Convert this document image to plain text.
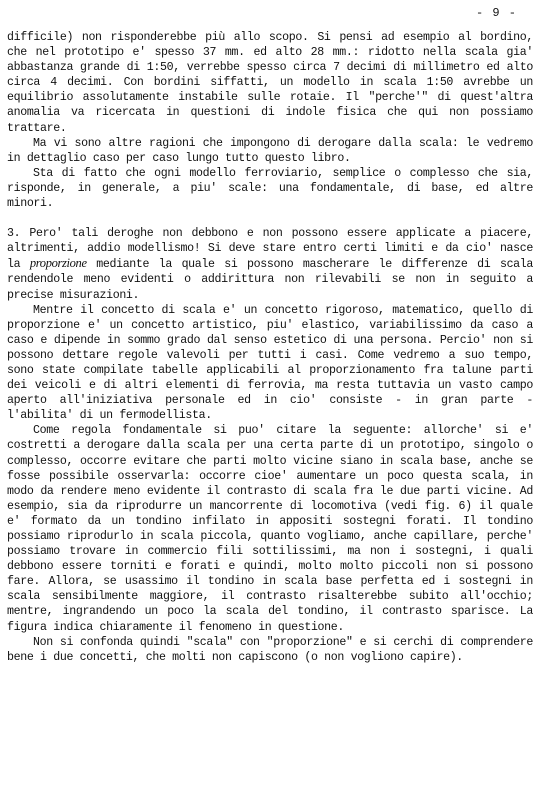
- 9 -

difficile) non risponderebbe più allo scopo. Si pensi ad esempio al bordino, che nel prototipo e' spesso 37 mm. ed alto 28 mm.: ridotto nella scala gia' abbastanza grande di 1:50, verrebbe spesso circa 7 decimi di millimetro ed alto circa 4 decimi. Con bordini siffatti, un modello in scala 1:50 avrebbe un equilibrio assolutamente instabile sulle rotaie. Il "perche'" di quest'altra anomalia va ricercata in questioni di indole fisica che qui non possiamo trattare.

Ma vi sono altre ragioni che impongono di derogare dalla scala: le vedremo in dettaglio caso per caso lungo tutto questo libro.

Sta di fatto che ogni modello ferroviario, semplice o complesso che sia, risponde, in generale, a piu' scale: una fondamentale, di base, ed altre minori.

3. Pero' tali deroghe non debbono e non possono essere applicate a piacere, altrimenti, addio modellismo! Si deve stare entro certi limiti e da cio' nasce la proporzione mediante la quale si possono mascherare le differenze di scala rendendole meno evidenti o addirittura non rilevabili se non in seguito a precise misurazioni.

Mentre il concetto di scala e' un concetto rigoroso, matematico, quello di proporzione e' un concetto artistico, piu' elastico, variabilissimo da caso a caso e dipende in sommo grado dal senso estetico di una persona. Percio' non si possono dettare regole valevoli per tutti i casi. Come vedremo a suo tempo, sono state compilate tabelle applicabili al proporzionamento fra talune parti dei veicoli e di altri elementi di ferrovia, ma resta tuttavia un vasto campo aperto all'iniziativa personale ed in cio' consiste - in gran parte - l'abilita' di un fermodellista.

Come regola fondamentale si puo' citare la seguente: allorche' si e' costretti a derogare dalla scala per una certa parte di un prototipo, singolo o complesso, occorre evitare che parti molto vicine siano in scala base, anche se fosse possibile osservarla: occorre cioe' aumentare un poco questa scala, in modo da rendere meno evidente il contrasto di scala fra le due parti vicine. Ad esempio, sia da riprodurre un mancorrente di locomotiva (vedi fig. 6) il quale e' formato da un tondino infilato in appositi sostegni forati. Il tondino possiamo riprodurlo in scala piccola, quanto vogliamo, anche capillare, perche' possiamo trovare in commercio fili sottilissimi, ma non i sostegni, i quali debbono essere torniti e forati e quindi, molto molto piccoli non si possono fare. Allora, se usassimo il tondino in scala base perfetta ed i sostegni in scala sensibilmente maggiore, il contrasto risalterebbe subito all'occhio; mentre, ingrandendo un poco la scala del tondino, il contrasto sparisce. La figura indica chiaramente il fenomeno in questione.

Non si confonda quindi "scala" con "proporzione" e si cerchi di comprendere bene i due concetti, che molti non capiscono (o non vogliono capire).
